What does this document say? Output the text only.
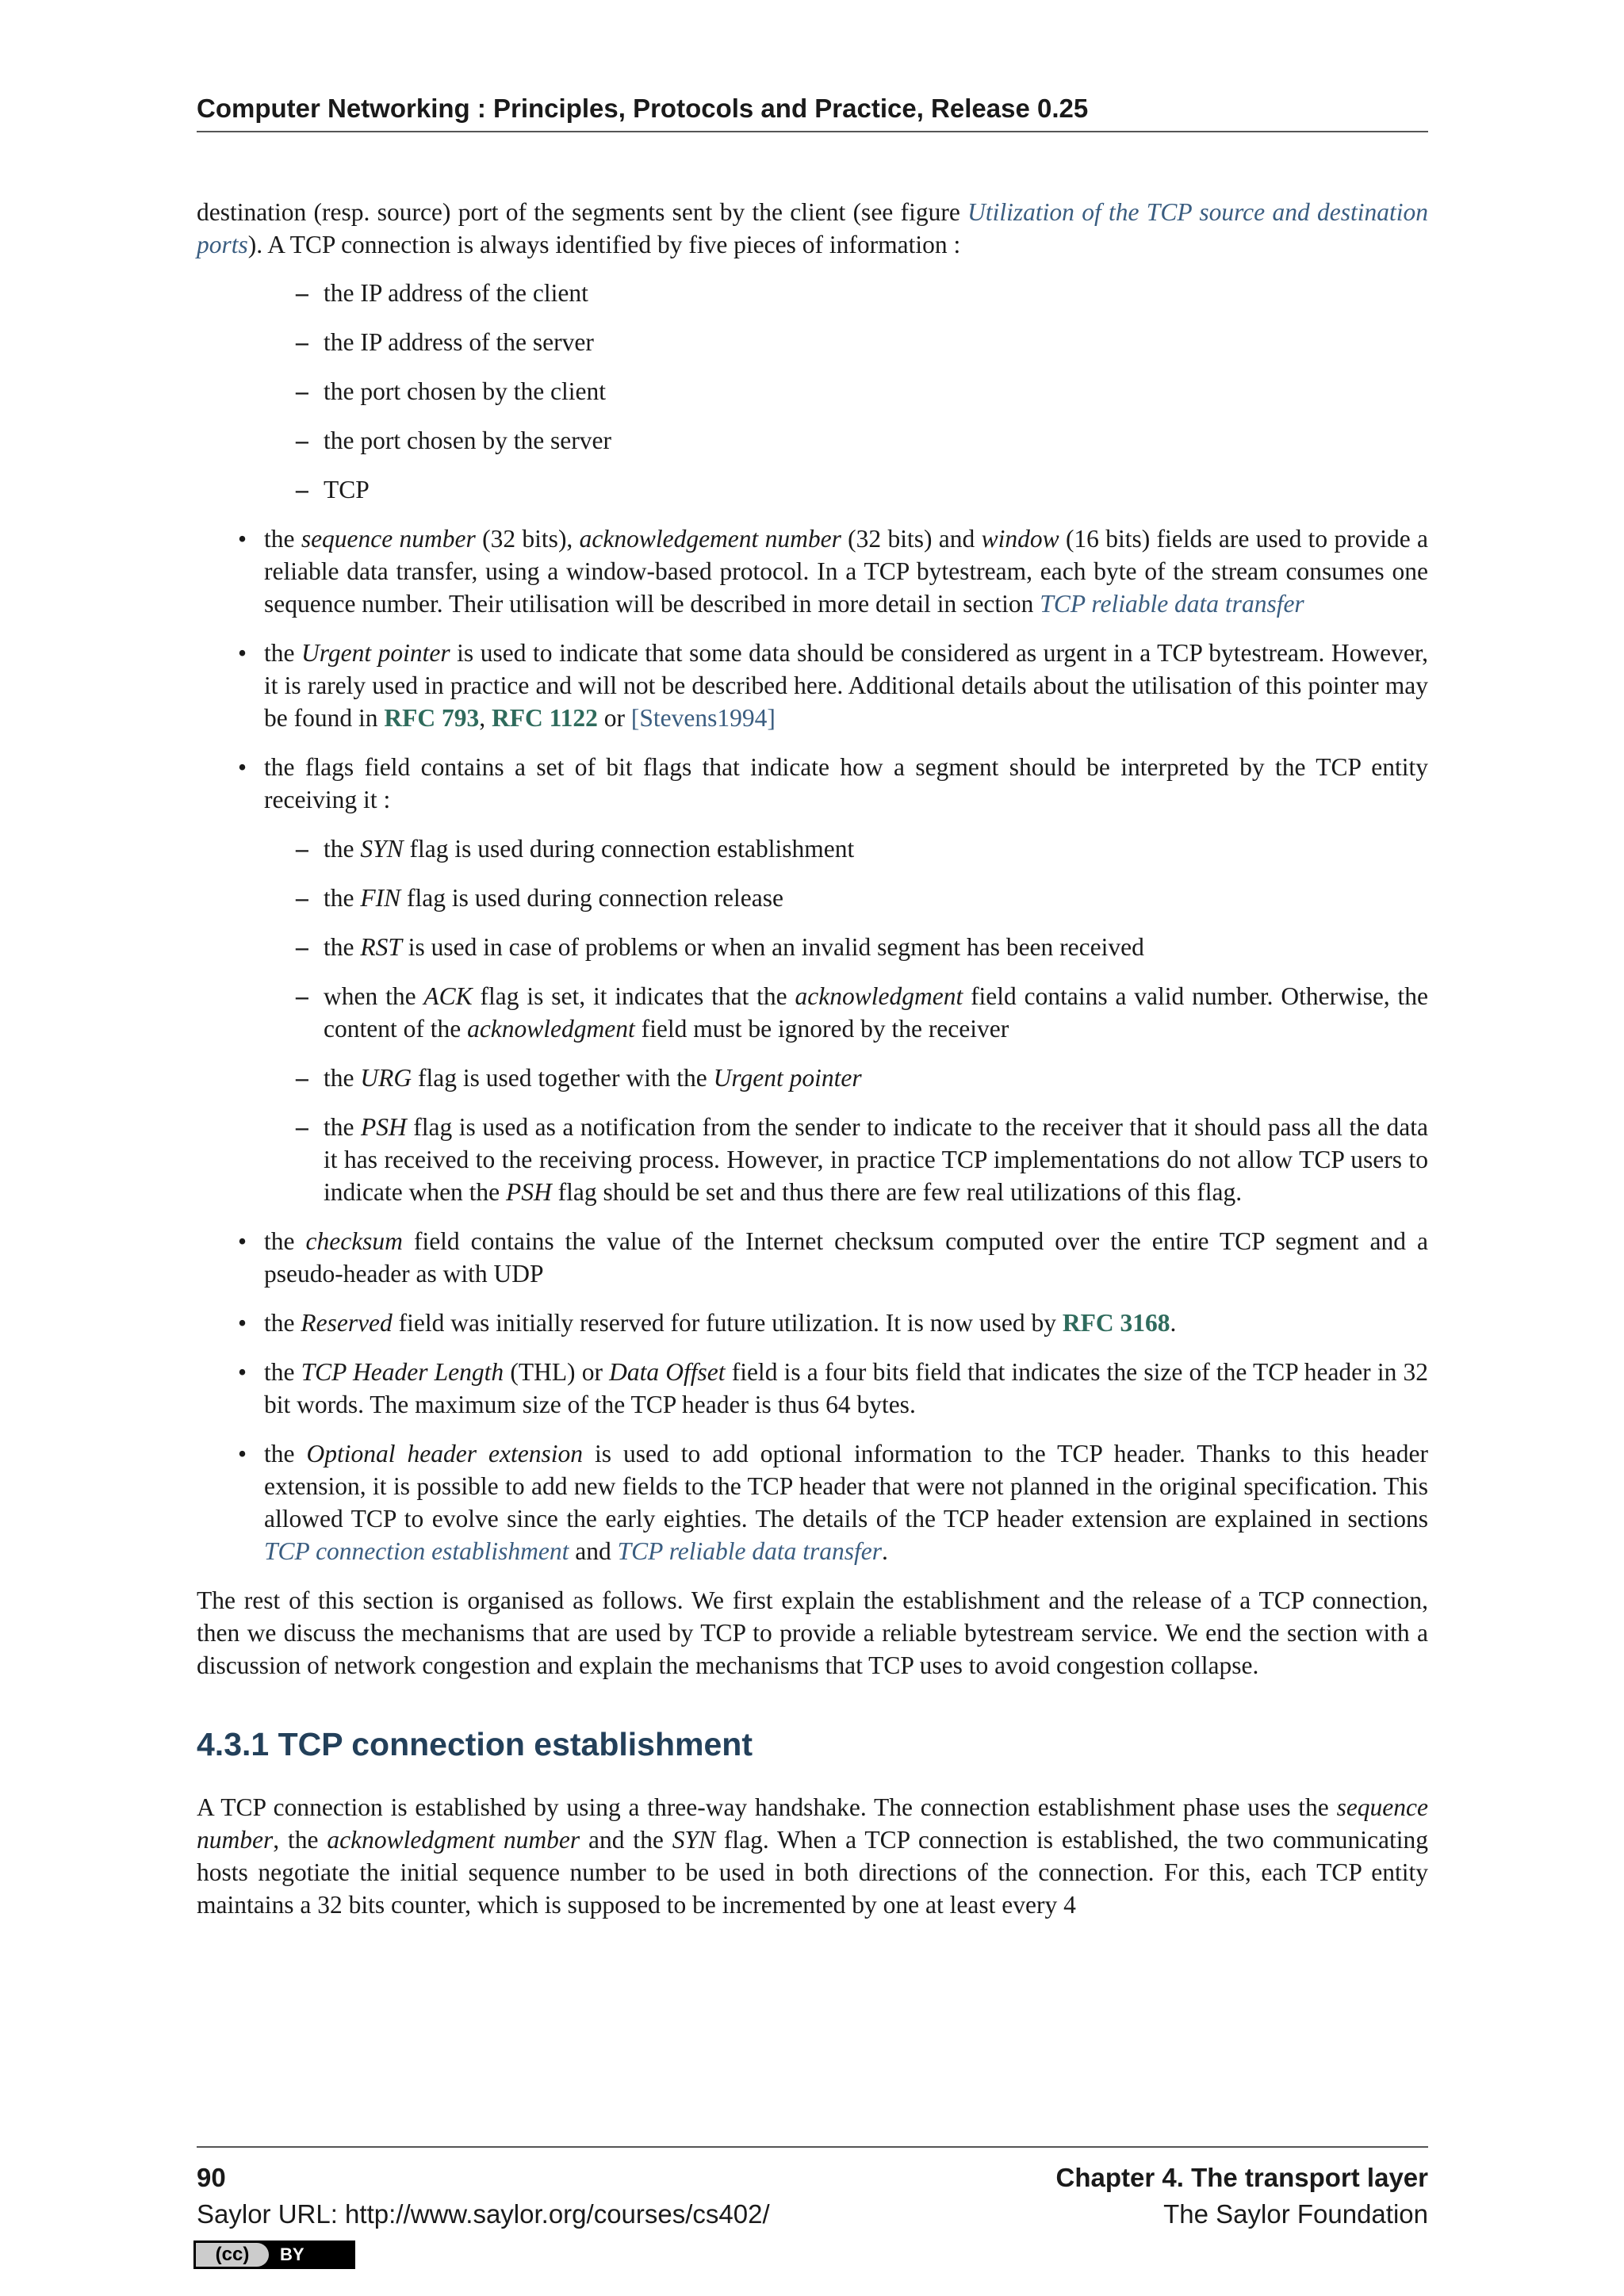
Computer Networking : Principles, Protocols and Practice, Release 0.25

destination (resp. source) port of the segments sent by the client (see figure Utilization of the TCP source and destination ports). A TCP connection is always identified by five pieces of information :

– the IP address of the client
– the IP address of the server
– the port chosen by the client
– the port chosen by the server
– TCP
• the sequence number (32 bits), acknowledgement number (32 bits) and window (16 bits) fields are used to provide a reliable data transfer, using a window-based protocol. In a TCP bytestream, each byte of the stream consumes one sequence number. Their utilisation will be described in more detail in section TCP reliable data transfer
• the Urgent pointer is used to indicate that some data should be considered as urgent in a TCP bytestream. However, it is rarely used in practice and will not be described here. Additional details about the utilisation of this pointer may be found in RFC 793, RFC 1122 or [Stevens1994]
• the flags field contains a set of bit flags that indicate how a segment should be interpreted by the TCP entity receiving it :
– the SYN flag is used during connection establishment
– the FIN flag is used during connection release
– the RST is used in case of problems or when an invalid segment has been received
– when the ACK flag is set, it indicates that the acknowledgment field contains a valid number. Otherwise, the content of the acknowledgment field must be ignored by the receiver
– the URG flag is used together with the Urgent pointer
– the PSH flag is used as a notification from the sender to indicate to the receiver that it should pass all the data it has received to the receiving process. However, in practice TCP implementations do not allow TCP users to indicate when the PSH flag should be set and thus there are few real utilizations of this flag.
• the checksum field contains the value of the Internet checksum computed over the entire TCP segment and a pseudo-header as with UDP
• the Reserved field was initially reserved for future utilization. It is now used by RFC 3168.
• the TCP Header Length (THL) or Data Offset field is a four bits field that indicates the size of the TCP header in 32 bit words. The maximum size of the TCP header is thus 64 bytes.
• the Optional header extension is used to add optional information to the TCP header. Thanks to this header extension, it is possible to add new fields to the TCP header that were not planned in the original specification. This allowed TCP to evolve since the early eighties. The details of the TCP header extension are explained in sections TCP connection establishment and TCP reliable data transfer.

The rest of this section is organised as follows. We first explain the establishment and the release of a TCP connection, then we discuss the mechanisms that are used by TCP to provide a reliable bytestream service. We end the section with a discussion of network congestion and explain the mechanisms that TCP uses to avoid congestion collapse.

4.3.1 TCP connection establishment

A TCP connection is established by using a three-way handshake. The connection establishment phase uses the sequence number, the acknowledgment number and the SYN flag. When a TCP connection is established, the two communicating hosts negotiate the initial sequence number to be used in both directions of the connection. For this, each TCP entity maintains a 32 bits counter, which is supposed to be incremented by one at least every 4

90	Chapter 4. The transport layer
Saylor URL: http://www.saylor.org/courses/cs402/	The Saylor Foundation
(cc)	BY
